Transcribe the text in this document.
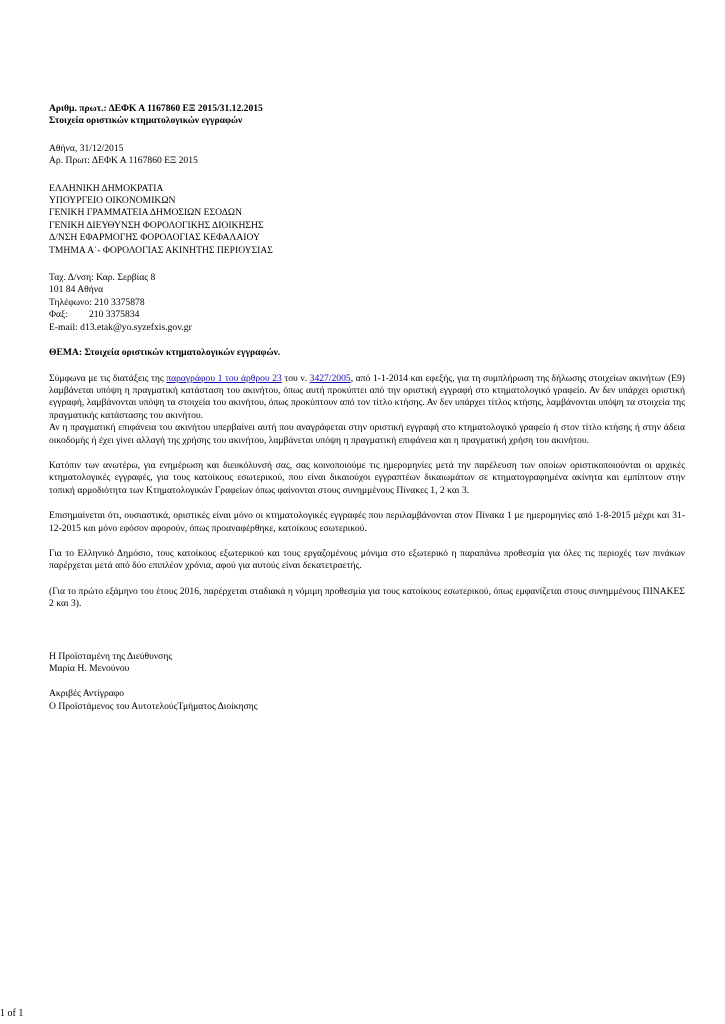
Αριθμ. πρωτ.: ΔΕΦΚ Α 1167860 ΕΞ 2015/31.12.2015
Στοιχεία οριστικών κτηματολογικών εγγραφών
Αθήνα, 31/12/2015
Αρ. Πρωτ: ΔΕΦΚ Α 1167860 ΕΞ 2015
ΕΛΛΗΝΙΚΗ ΔΗΜΟΚΡΑΤΙΑ
ΥΠΟΥΡΓΕΙΟ ΟΙΚΟΝΟΜΙΚΩΝ
ΓΕΝΙΚΗ ΓΡΑΜΜΑΤΕΙΑ ΔΗΜΟΣΙΩΝ ΕΣΟΔΩΝ
ΓΕΝΙΚΗ ΔΙΕΥΘΥΝΣΗ ΦΟΡΟΛΟΓΙΚΗΣ ΔΙΟΙΚΗΣΗΣ
Δ/ΝΣΗ ΕΦΑΡΜΟΓΗΣ ΦΟΡΟΛΟΓΙΑΣ ΚΕΦΑΛΑΙΟΥ
ΤΜΗΜΑ Α΄- ΦΟΡΟΛΟΓΙΑΣ ΑΚΙΝΗΤΗΣ ΠΕΡΙΟΥΣΙΑΣ
Ταχ. Δ/νση: Καρ. Σερβίας 8
101 84 Αθήνα
Τηλέφωνο: 210 3375878
Φαξ: 210 3375834
E-mail: d13.etak@yo.syzefxis.gov.gr
ΘΕΜΑ: Στοιχεία οριστικών κτηματολογικών εγγραφών.

Σύμφωνα με τις διατάξεις της παραγράφου 1 του άρθρου 23 του ν. 3427/2005, από 1-1-2014 και εφεξής, για τη συμπλήρωση της δήλωσης στοιχείων ακινήτων (Ε9) λαμβάνεται υπόψη η πραγματική κατάσταση του ακινήτου, όπως αυτή προκύπτει από την οριστική εγγραφή στο κτηματολογικό γραφείο. Αν δεν υπάρχει οριστική εγγραφή, λαμβάνονται υπόψη τα στοιχεία του ακινήτου, όπως προκύπτουν από τον τίτλο κτήσης. Αν δεν υπάρχει τίτλος κτήσης, λαμβάνονται υπόψη τα στοιχεία της πραγματικής κατάστασης του ακινήτου.

Αν η πραγματική επιφάνεια του ακινήτου υπερβαίνει αυτή που αναγράφεται στην οριστική εγγραφή στο κτηματολογικό γραφείο ή στον τίτλο κτήσης ή στην άδεια οικοδομής ή έχει γίνει αλλαγή της χρήσης του ακινήτου, λαμβάνεται υπόψη η πραγματική επιφάνεια και η πραγματική χρήση του ακινήτου.

Κατόπιν των ανωτέρω, για ενημέρωση και διευκόλυνσή σας, σας κοινοποιούμε τις ημερομηνίες μετά την παρέλευση των οποίων οριστικοποιούνται οι αρχικές κτηματολογικές εγγραφές, για τους κατοίκους εσωτερικού, που είναι δικαιούχοι εγγραπτέων δικαιωμάτων σε κτηματογραφημένα ακίνητα και εμπίπτουν στην τοπική αρμοδιότητα των Κτηματολογικών Γραφείων όπως φαίνονται στους συνημμένους Πίνακες 1, 2 και 3.

Επισημαίνεται ότι, ουσιαστικά, οριστικές είναι μόνο οι κτηματολογικές εγγραφές που περιλαμβάνονται στον Πίνακα 1 με ημερομηνίες από 1-8-2015 μέχρι και 31-12-2015 και μόνο εφόσον αφορούν, όπως προαναφέρθηκε, κατοίκους εσωτερικού.

Για το Ελληνικό Δημόσιο, τους κατοίκους εξωτερικού και τους εργαζομένους μόνιμα στο εξωτερικό η παραπάνω προθεσμία για όλες τις περιοχές των πινάκων παρέρχεται μετά από δύο επιπλέον χρόνια, αφού για αυτούς είναι δεκατετραετής.

(Για το πρώτο εξάμηνο του έτους 2016, παρέρχεται σταδιακά η νόμιμη προθεσμία για τους κατοίκους εσωτερικού, όπως εμφανίζεται στους συνημμένους ΠΙΝΑΚΕΣ 2 και 3).

Η Προϊσταμένη της Διεύθυνσης
Μαρία Η. Μενούνου
Ακριβές Αντίγραφο
Ο Προϊστάμενος του ΑυτοτελούςΤμήματος Διοίκησης
1 of 1
